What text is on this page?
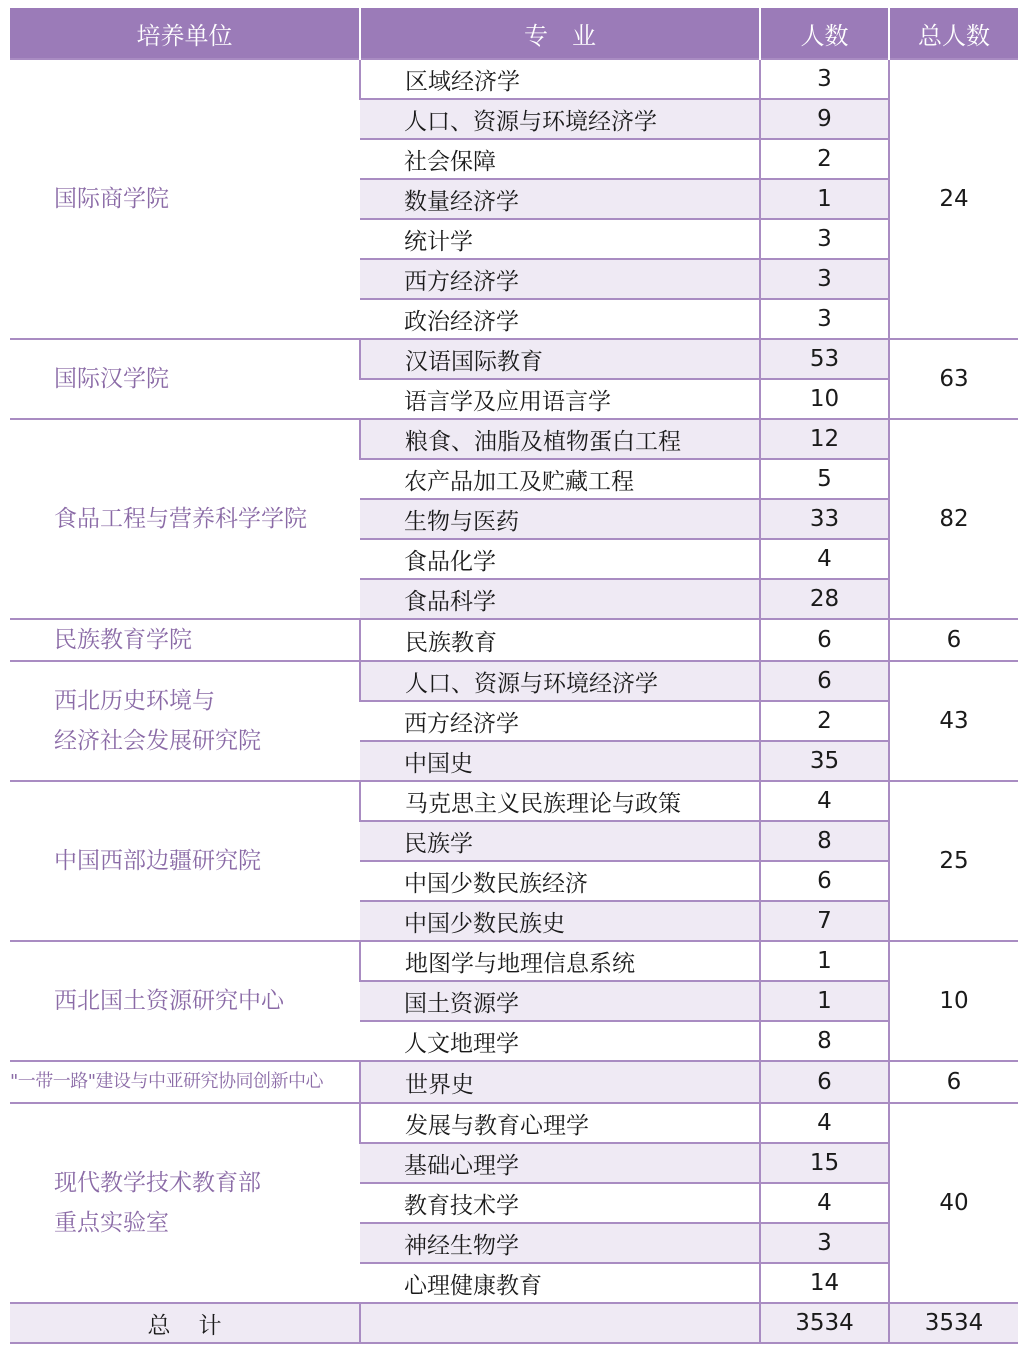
培养单位	专　业	人数	总人数
国际商学院	区域经济学	3	24
	人口、资源与环境经济学	9	
	社会保障	2	
	数量经济学	1	
	统计学	3	
	西方经济学	3	
	政治经济学	3	
国际汉学院	汉语国际教育	53	63
	语言学及应用语言学	10	
食品工程与营养科学学院	粮食、油脂及植物蛋白工程	12	82
	农产品加工及贮藏工程	5	
	生物与医药	33	
	食品化学	4	
	食品科学	28	
民族教育学院	民族教育	6	6
西北历史环境与
经济社会发展研究院	人口、资源与环境经济学	6	43
	西方经济学	2	
	中国史	35	
中国西部边疆研究院	马克思主义民族理论与政策	4	25
	民族学	8	
	中国少数民族经济	6	
	中国少数民族史	7	
西北国土资源研究中心	地图学与地理信息系统	1	10
	国土资源学	1	
	人文地理学	8	
"一带一路"建设与中亚研究协同创新中心	世界史	6	6
现代教学技术教育部
重点实验室	发展与教育心理学	4	40
	基础心理学	15	
	教育技术学	4	
	神经生物学	3	
	心理健康教育	14	
总计		3534	3534
